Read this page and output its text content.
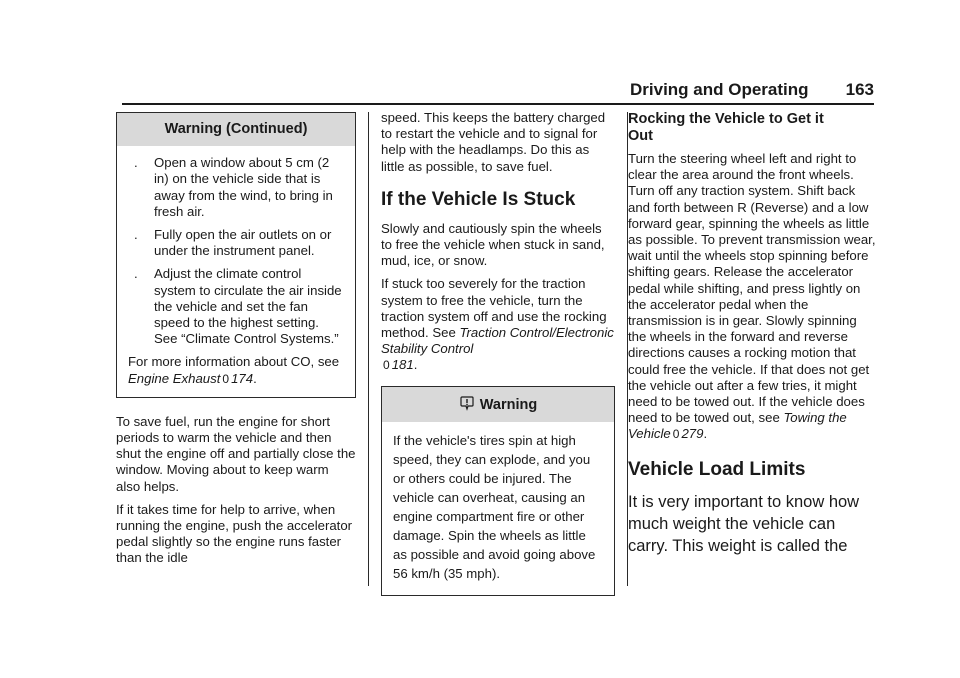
Driving and Operating 163
Warning (Continued)
.	Open a window about 5 cm (2 in) on the vehicle side that is away from the wind, to bring in fresh air.
.	Fully open the air outlets on or under the instrument panel.
.	Adjust the climate control system to circulate the air inside the vehicle and set the fan speed to the highest setting. See “Climate Control Systems.”

For more information about CO, see Engine Exhaust 0 174.

To save fuel, run the engine for short periods to warm the vehicle and then shut the engine off and partially close the window. Moving about to keep warm also helps.

If it takes time for help to arrive, when running the engine, push the accelerator pedal slightly so the engine runs faster than the idle

speed. This keeps the battery charged to restart the vehicle and to signal for help with the headlamps. Do this as little as possible, to save fuel.

If the Vehicle Is Stuck

Slowly and cautiously spin the wheels to free the vehicle when stuck in sand, mud, ice, or snow.

If stuck too severely for the traction system to free the vehicle, turn the traction system off and use the rocking method. See Traction Control/Electronic Stability Control
0 181.

Warning

If the vehicle's tires spin at high speed, they can explode, and you or others could be injured. The vehicle can overheat, causing an engine compartment fire or other damage. Spin the wheels as little as possible and avoid going above 56 km/h (35 mph).

Rocking the Vehicle to Get it Out

Turn the steering wheel left and right to clear the area around the front wheels. Turn off any traction system. Shift back and forth between R (Reverse) and a low forward gear, spinning the wheels as little as possible. To prevent transmission wear, wait until the wheels stop spinning before shifting gears. Release the accelerator pedal while shifting, and press lightly on the accelerator pedal when the transmission is in gear. Slowly spinning the wheels in the forward and reverse directions causes a rocking motion that could free the vehicle. If that does not get the vehicle out after a few tries, it might need to be towed out. If the vehicle does need to be towed out, see Towing the Vehicle 0 279.

Vehicle Load Limits

It is very important to know how much weight the vehicle can carry. This weight is called the
